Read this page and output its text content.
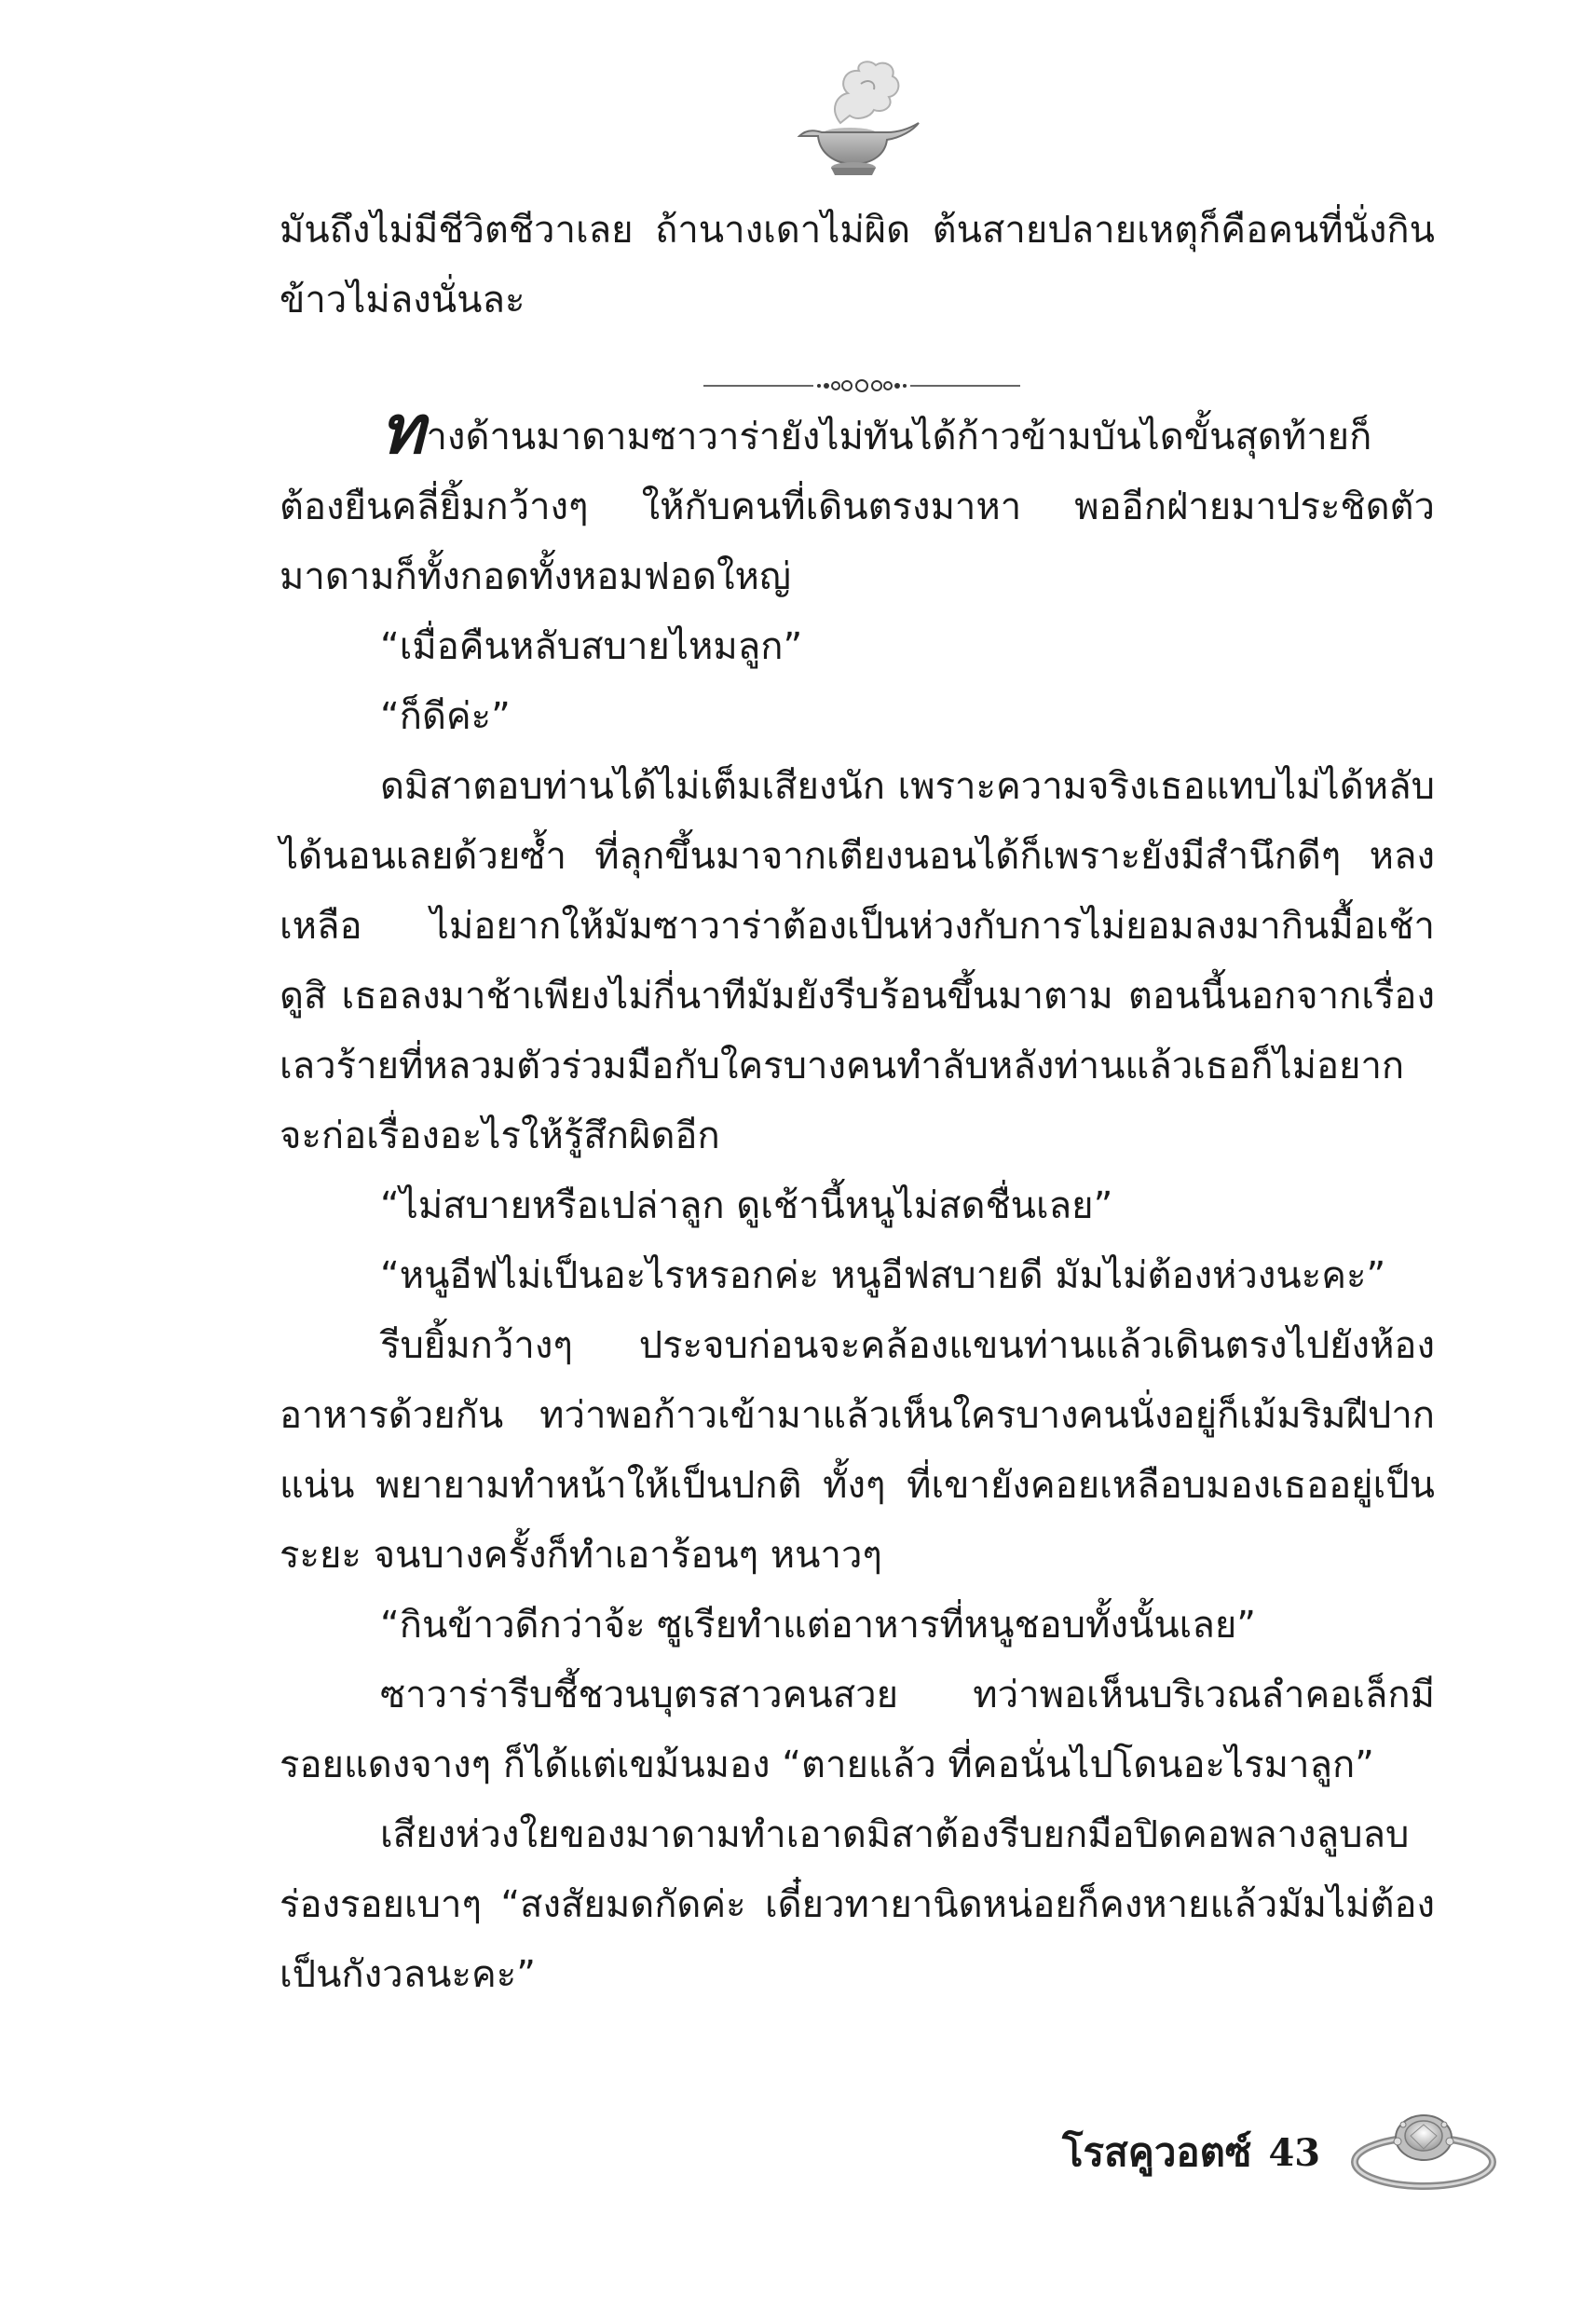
มันถึงไม่มีชีวิตชีวาเลย ถ้านางเดาไม่ผิด ต้นสายปลายเหตุก็คือคนที่นั่งกินข้าวไม่ลงนั่นละ

ทางด้านมาดามซาวาร่ายังไม่ทันได้ก้าวข้ามบันไดขั้นสุดท้ายก็ต้องยืนคลี่ยิ้มกว้างๆ ให้กับคนที่เดินตรงมาหา พออีกฝ่ายมาประชิดตัวมาดามก็ทั้งกอดทั้งหอมฟอดใหญ่

“เมื่อคืนหลับสบายไหมลูก”

“ก็ดีค่ะ”

ดมิสาตอบท่านได้ไม่เต็มเสียงนัก เพราะความจริงเธอแทบไม่ได้หลับได้นอนเลยด้วยซ้ำ ที่ลุกขึ้นมาจากเตียงนอนได้ก็เพราะยังมีสำนึกดีๆ หลงเหลือ ไม่อยากให้มัมซาวาร่าต้องเป็นห่วงกับการไม่ยอมลงมากินมื้อเช้า ดูสิ เธอลงมาช้าเพียงไม่กี่นาทีมัมยังรีบร้อนขึ้นมาตาม ตอนนี้นอกจากเรื่องเลวร้ายที่หลวมตัวร่วมมือกับใครบางคนทำลับหลังท่านแล้วเธอก็ไม่อยากจะก่อเรื่องอะไรให้รู้สึกผิดอีก

“ไม่สบายหรือเปล่าลูก ดูเช้านี้หนูไม่สดชื่นเลย”

“หนูอีฟไม่เป็นอะไรหรอกค่ะ หนูอีฟสบายดี มัมไม่ต้องห่วงนะคะ”

รีบยิ้มกว้างๆ ประจบก่อนจะคล้องแขนท่านแล้วเดินตรงไปยังห้องอาหารด้วยกัน ทว่าพอก้าวเข้ามาแล้วเห็นใครบางคนนั่งอยู่ก็เม้มริมฝีปากแน่น พยายามทำหน้าให้เป็นปกติ ทั้งๆ ที่เขายังคอยเหลือบมองเธออยู่เป็นระยะ จนบางครั้งก็ทำเอาร้อนๆ หนาวๆ

“กินข้าวดีกว่าจ้ะ ซูเรียทำแต่อาหารที่หนูชอบทั้งนั้นเลย”

ซาวาร่ารีบชี้ชวนบุตรสาวคนสวย ทว่าพอเห็นบริเวณลำคอเล็กมีรอยแดงจางๆ ก็ได้แต่เขม้นมอง “ตายแล้ว ที่คอนั่นไปโดนอะไรมาลูก”

เสียงห่วงใยของมาดามทำเอาดมิสาต้องรีบยกมือปิดคอพลางลูบลบร่องรอยเบาๆ “สงสัยมดกัดค่ะ เดี๋ยวทายานิดหน่อยก็คงหายแล้วมัมไม่ต้องเป็นกังวลนะคะ”

โรสคูวอตซ์ 43
